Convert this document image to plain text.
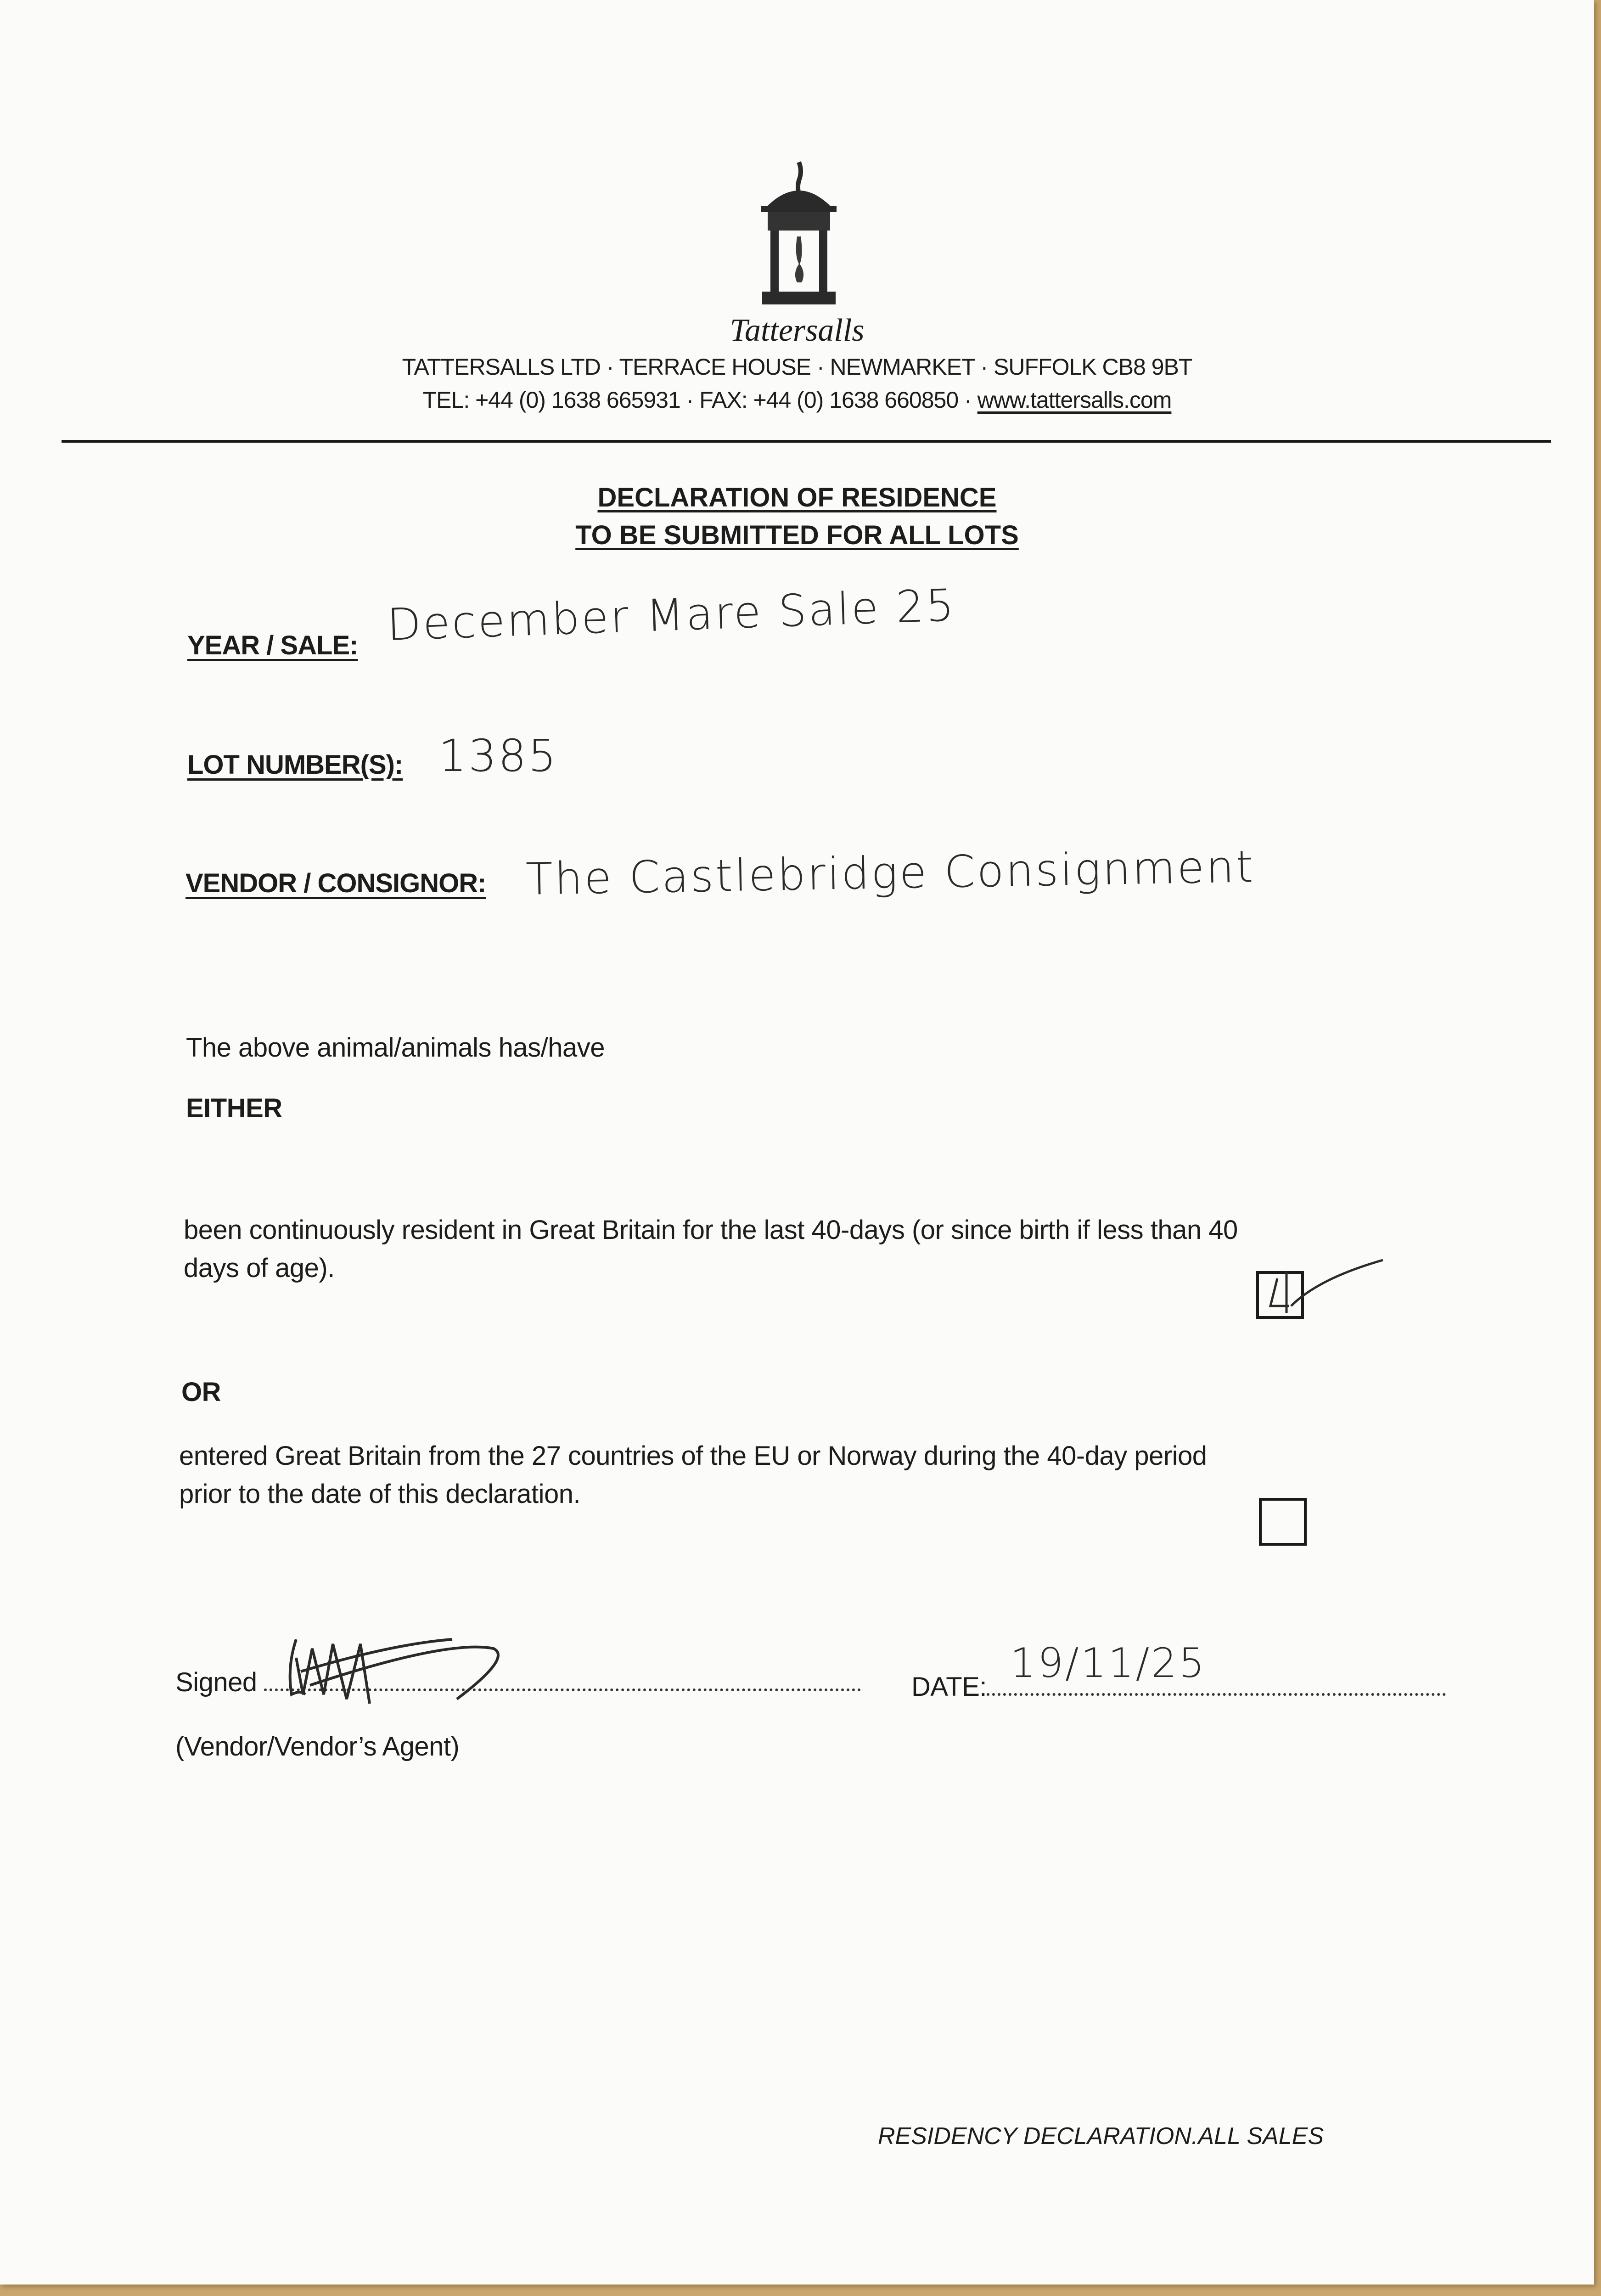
Tattersalls
TATTERSALLS LTD · TERRACE HOUSE · NEWMARKET · SUFFOLK CB8 9BT
TEL: +44 (0) 1638 665931 · FAX: +44 (0) 1638 660850 · www.tattersalls.com
DECLARATION OF RESIDENCE
TO BE SUBMITTED FOR ALL LOTS
YEAR / SALE: December Mare Sale 25
LOT NUMBER(S): 1385
VENDOR / CONSIGNOR: The Castlebridge Consignment
The above animal/animals has/have
EITHER
been continuously resident in Great Britain for the last 40-days (or since birth if less than 40
days of age).
OR
entered Great Britain from the 27 countries of the EU or Norway during the 40-day period
prior to the date of this declaration.
Signed	DATE:
19/11/25
(Vendor/Vendor’s Agent)
RESIDENCY DECLARATION.ALL SALES
